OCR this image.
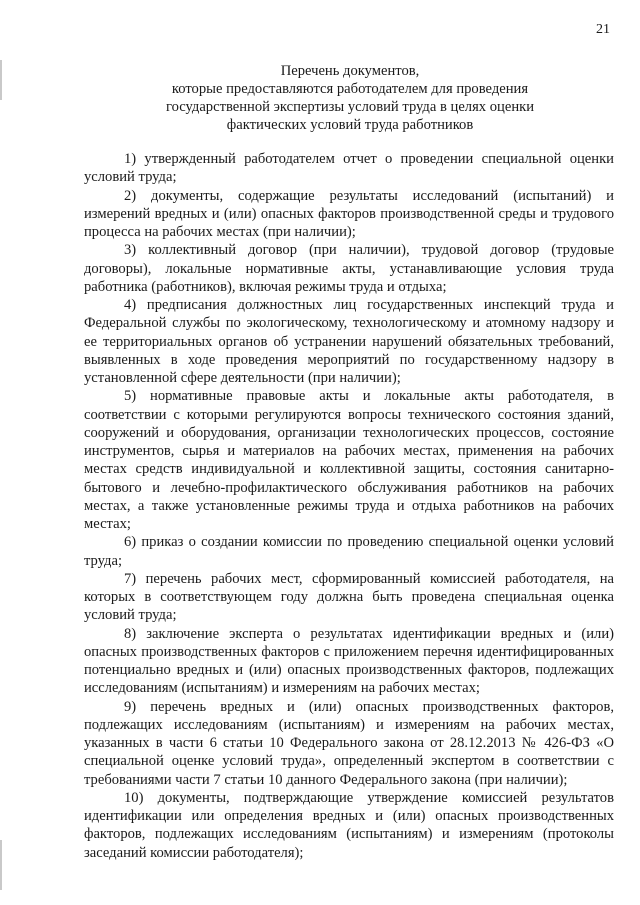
21
Перечень документов,
которые предоставляются работодателем для проведения
государственной экспертизы условий труда в целях оценки
фактических условий труда работников

1) утвержденный работодателем отчет о проведении специальной оценки условий труда;

2) документы, содержащие результаты исследований (испытаний) и измерений вредных и (или) опасных факторов производственной среды и трудового процесса на рабочих местах (при наличии);

3) коллективный договор (при наличии), трудовой договор (трудовые договоры), локальные нормативные акты, устанавливающие условия труда работника (работников), включая режимы труда и отдыха;

4) предписания должностных лиц государственных инспекций труда и Федеральной службы по экологическому, технологическому и атомному надзору и ее территориальных органов об устранении нарушений обязательных требований, выявленных в ходе проведения мероприятий по государственному надзору в установленной сфере деятельности (при наличии);

5) нормативные правовые акты и локальные акты работодателя, в соответствии с которыми регулируются вопросы технического состояния зданий, сооружений и оборудования, организации технологических процессов, состояние инструментов, сырья и материалов на рабочих местах, применения на рабочих местах средств индивидуальной и коллективной защиты, состояния санитарно-бытового и лечебно-профилактического обслуживания работников на рабочих местах, а также установленные режимы труда и отдыха работников на рабочих местах;

6) приказ о создании комиссии по проведению специальной оценки условий труда;

7) перечень рабочих мест, сформированный комиссией работодателя, на которых в соответствующем году должна быть проведена специальная оценка условий труда;

8) заключение эксперта о результатах идентификации вредных и (или) опасных производственных факторов с приложением перечня идентифицированных потенциально вредных и (или) опасных производственных факторов, подлежащих исследованиям (испытаниям) и измерениям на рабочих местах;

9) перечень вредных и (или) опасных производственных факторов, подлежащих исследованиям (испытаниям) и измерениям на рабочих местах, указанных в части 6 статьи 10 Федерального закона от 28.12.2013 № 426-ФЗ «О специальной оценке условий труда», определенный экспертом в соответствии с требованиями части 7 статьи 10 данного Федерального закона (при наличии);

10) документы, подтверждающие утверждение комиссией результатов идентификации или определения вредных и (или) опасных производственных факторов, подлежащих исследованиям (испытаниям) и измерениям (протоколы заседаний комиссии работодателя);
